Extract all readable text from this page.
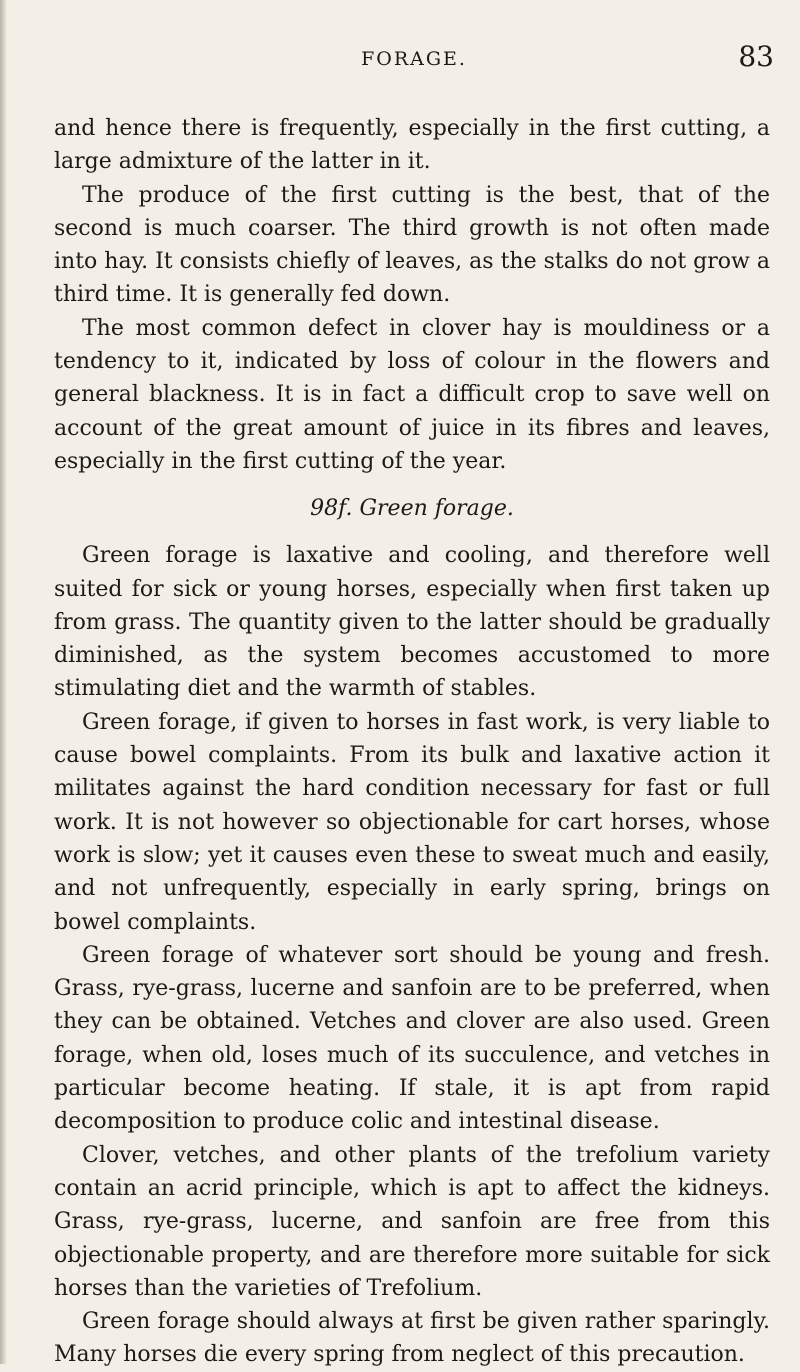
FORAGE.	83

and hence there is frequently, especially in the first cutting, a large admixture of the latter in it.

The produce of the first cutting is the best, that of the second is much coarser. The third growth is not often made into hay. It consists chiefly of leaves, as the stalks do not grow a third time. It is generally fed down.

The most common defect in clover hay is mouldiness or a tendency to it, indicated by loss of colour in the flowers and general blackness. It is in fact a difficult crop to save well on account of the great amount of juice in its fibres and leaves, especially in the first cutting of the year.

98f. Green forage.

Green forage is laxative and cooling, and therefore well suited for sick or young horses, especially when first taken up from grass. The quantity given to the latter should be gradually diminished, as the system becomes accustomed to more stimulating diet and the warmth of stables.

Green forage, if given to horses in fast work, is very liable to cause bowel complaints. From its bulk and laxative action it militates against the hard condition necessary for fast or full work. It is not however so objectionable for cart horses, whose work is slow; yet it causes even these to sweat much and easily, and not unfrequently, especially in early spring, brings on bowel complaints.

Green forage of whatever sort should be young and fresh. Grass, rye-grass, lucerne and sanfoin are to be preferred, when they can be obtained. Vetches and clover are also used. Green forage, when old, loses much of its succulence, and vetches in particular become heating. If stale, it is apt from rapid decomposition to produce colic and intestinal disease.

Clover, vetches, and other plants of the trefolium variety contain an acrid principle, which is apt to affect the kidneys. Grass, rye-grass, lucerne, and sanfoin are free from this objectionable property, and are therefore more suitable for sick horses than the varieties of Trefolium.

Green forage should always at first be given rather sparingly. Many horses die every spring from neglect of this precaution.
